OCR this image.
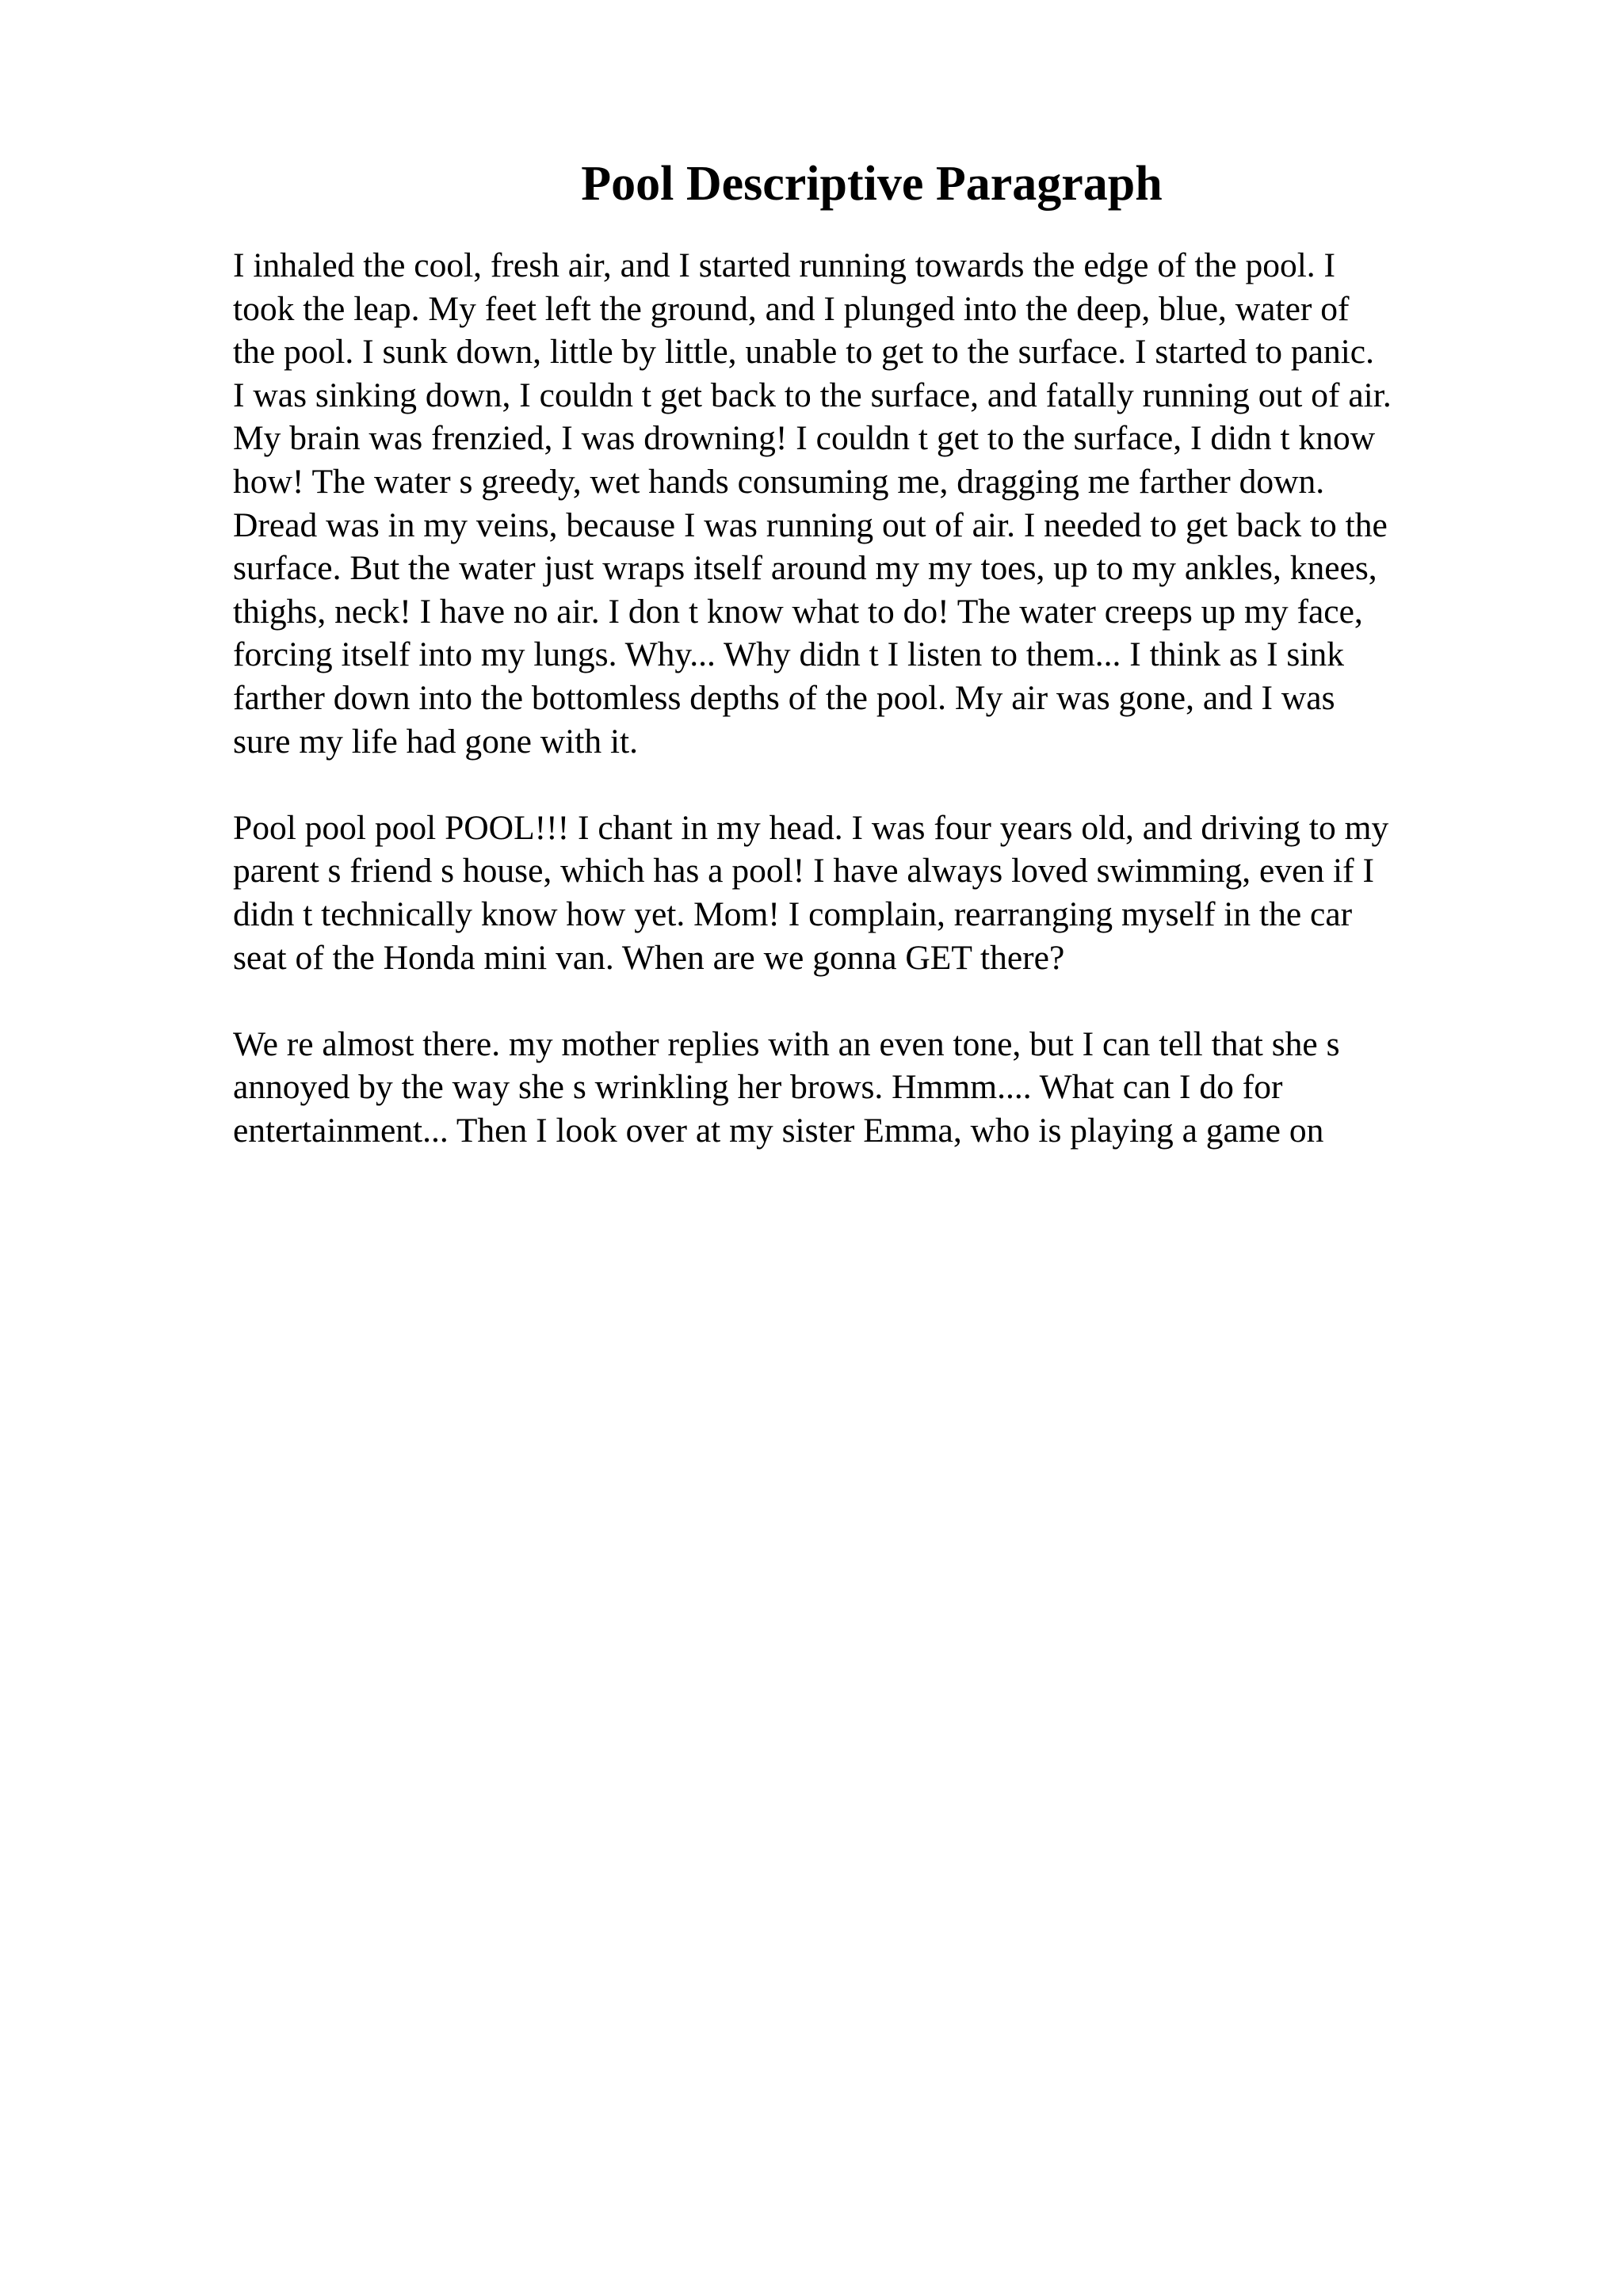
Pool Descriptive Paragraph

I inhaled the cool, fresh air, and I started running towards the edge of the pool. I
took the leap. My feet left the ground, and I plunged into the deep, blue, water of
the pool. I sunk down, little by little, unable to get to the surface. I started to panic.
I was sinking down, I couldn t get back to the surface, and fatally running out of air.
My brain was frenzied, I was drowning! I couldn t get to the surface, I didn t know
how! The water s greedy, wet hands consuming me, dragging me farther down.
Dread was in my veins, because I was running out of air. I needed to get back to the
surface. But the water just wraps itself around my my toes, up to my ankles, knees,
thighs, neck! I have no air. I don t know what to do! The water creeps up my face,
forcing itself into my lungs. Why... Why didn t I listen to them... I think as I sink
farther down into the bottomless depths of the pool. My air was gone, and I was
sure my life had gone with it.

Pool pool pool POOL!!! I chant in my head. I was four years old, and driving to my
parent s friend s house, which has a pool! I have always loved swimming, even if I
didn t technically know how yet. Mom! I complain, rearranging myself in the car
seat of the Honda mini van. When are we gonna GET there?

We re almost there. my mother replies with an even tone, but I can tell that she s
annoyed by the way she s wrinkling her brows. Hmmm.... What can I do for
entertainment... Then I look over at my sister Emma, who is playing a game on
